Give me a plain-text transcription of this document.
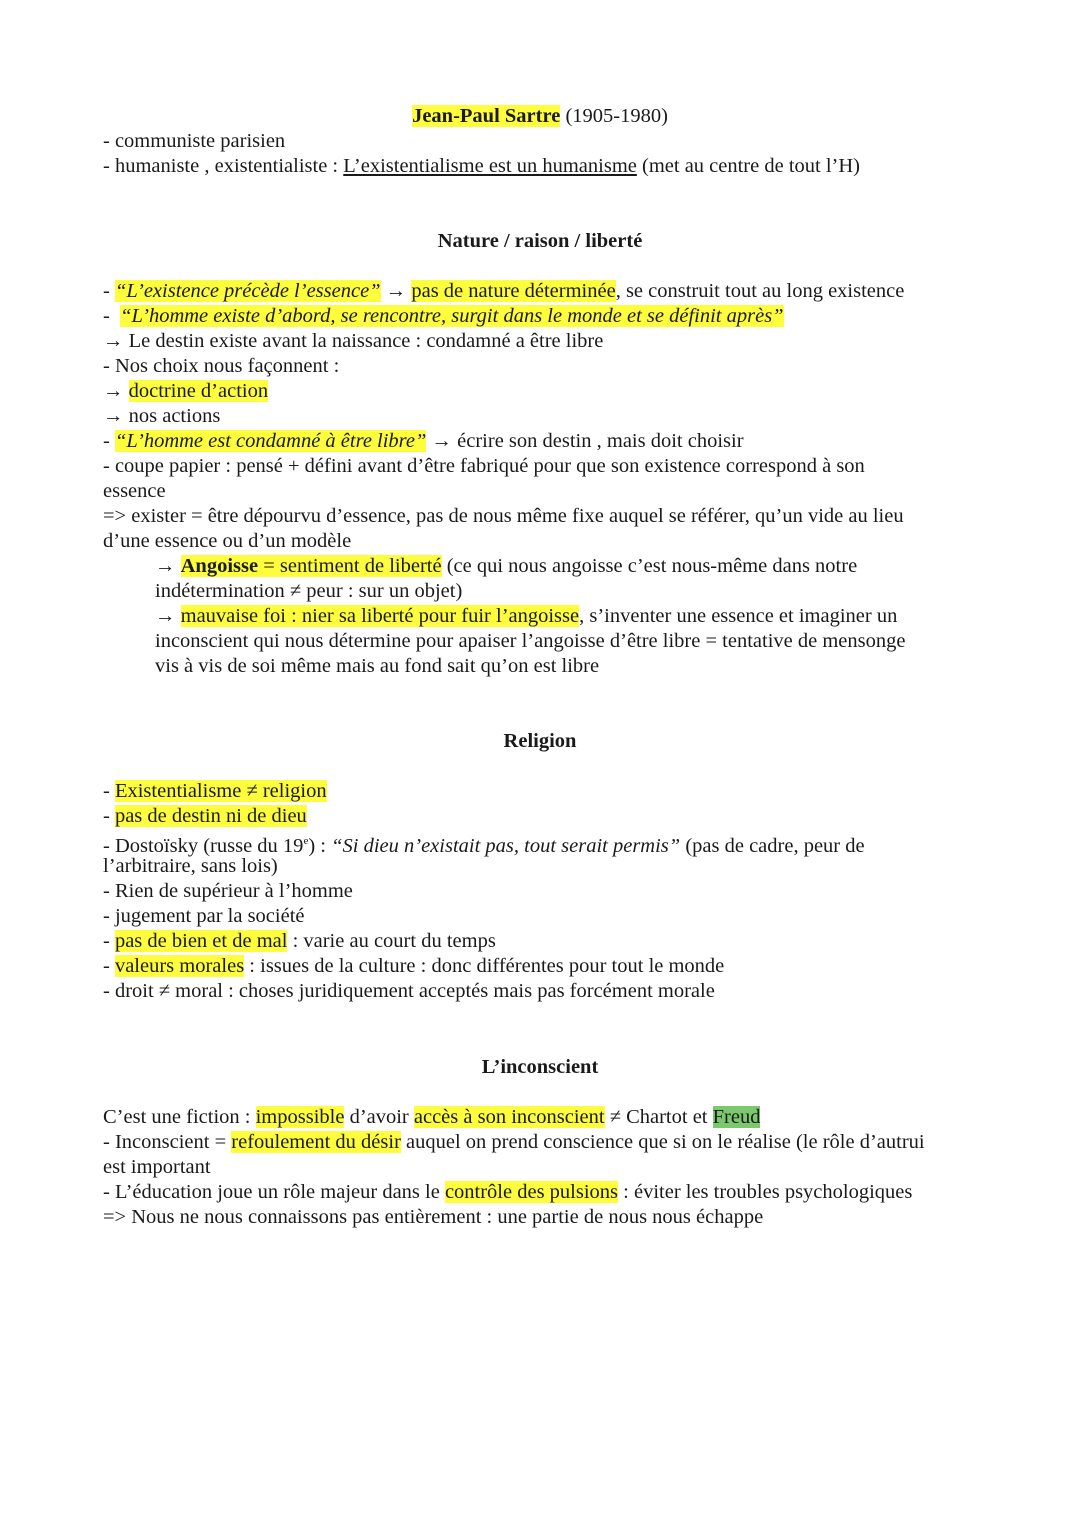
Jean-Paul Sartre (1905-1980)
- communiste parisien
- humaniste , existentialiste : L’existentialisme est un humanisme (met au centre de tout l’H)
Nature / raison / liberté
- “L’existence précède l’essence” → pas de nature déterminée, se construit tout au long existence
-  “L’homme existe d’abord, se rencontre, surgit dans le monde et se définit après”
→ Le destin existe avant la naissance : condamné a être libre
- Nos choix nous façonnent :
→ doctrine d’action
→ nos actions
- “L’homme est condamné à être libre” → écrire son destin , mais doit choisir
- coupe papier : pensé + défini avant d’être fabriqué pour que son existence correspond à son
essence
=> exister = être dépourvu d’essence, pas de nous même fixe auquel se référer, qu’un vide au lieu
d’une essence ou d’un modèle
→ Angoisse = sentiment de liberté (ce qui nous angoisse c’est nous-même dans notre
indétermination ≠ peur : sur un objet)
→ mauvaise foi : nier sa liberté pour fuir l’angoisse, s’inventer une essence et imaginer un
inconscient qui nous détermine pour apaiser l’angoisse d’être libre = tentative de mensonge
vis à vis de soi même mais au fond sait qu’on est libre
Religion
- Existentialisme ≠ religion
- pas de destin ni de dieu
- Dostoïsky (russe du 19e) : “Si dieu n’existait pas, tout serait permis” (pas de cadre, peur de
l’arbitraire, sans lois)
- Rien de supérieur à l’homme
- jugement par la société
- pas de bien et de mal : varie au court du temps
- valeurs morales : issues de la culture : donc différentes pour tout le monde
- droit ≠ moral : choses juridiquement acceptés mais pas forcément morale
L’inconscient
C’est une fiction : impossible d’avoir accès à son inconscient ≠ Chartot et Freud
- Inconscient = refoulement du désir auquel on prend conscience que si on le réalise (le rôle d’autrui
est important
- L’éducation joue un rôle majeur dans le contrôle des pulsions : éviter les troubles psychologiques
=> Nous ne nous connaissons pas entièrement : une partie de nous nous échappe
